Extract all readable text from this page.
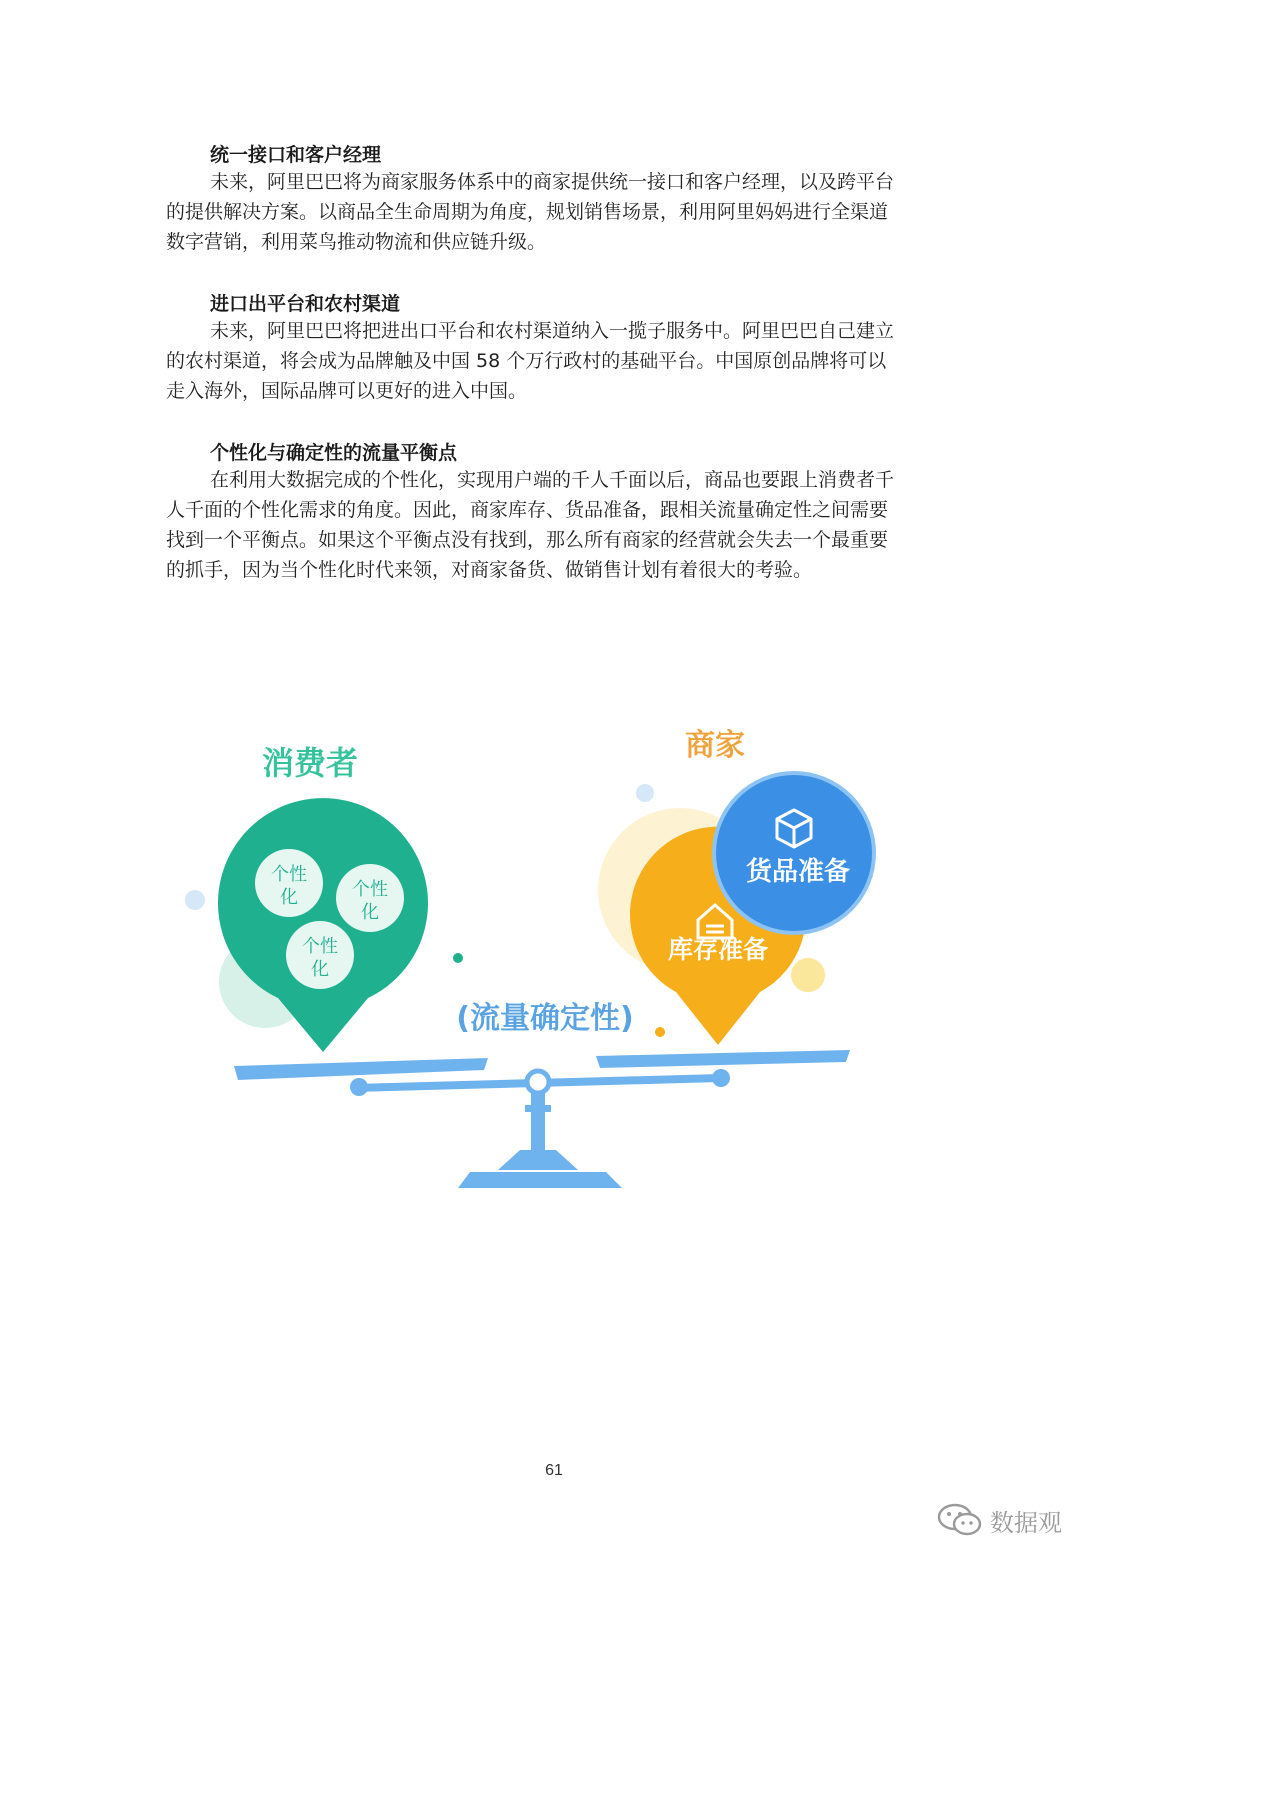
统一接口和客户经理
未来，阿里巴巴将为商家服务体系中的商家提供统一接口和客户经理，以及跨平台
的提供解决方案。以商品全生命周期为角度，规划销售场景，利用阿里妈妈进行全渠道
数字营销，利用菜鸟推动物流和供应链升级。
进口出平台和农村渠道
未来，阿里巴巴将把进出口平台和农村渠道纳入一揽子服务中。阿里巴巴自己建立
的农村渠道，将会成为品牌触及中国 58 个万行政村的基础平台。中国原创品牌将可以
走入海外，国际品牌可以更好的进入中国。
个性化与确定性的流量平衡点
在利用大数据完成的个性化，实现用户端的千人千面以后，商品也要跟上消费者千
人千面的个性化需求的角度。因此，商家库存、货品准备，跟相关流量确定性之间需要
找到一个平衡点。如果这个平衡点没有找到，那么所有商家的经营就会失去一个最重要
的抓手，因为当个性化时代来领，对商家备货、做销售计划有着很大的考验。
消费者
个性
化	个性
化
个性
化
商家
库存准备
货品准备
(流量确定性)
61
数据观
